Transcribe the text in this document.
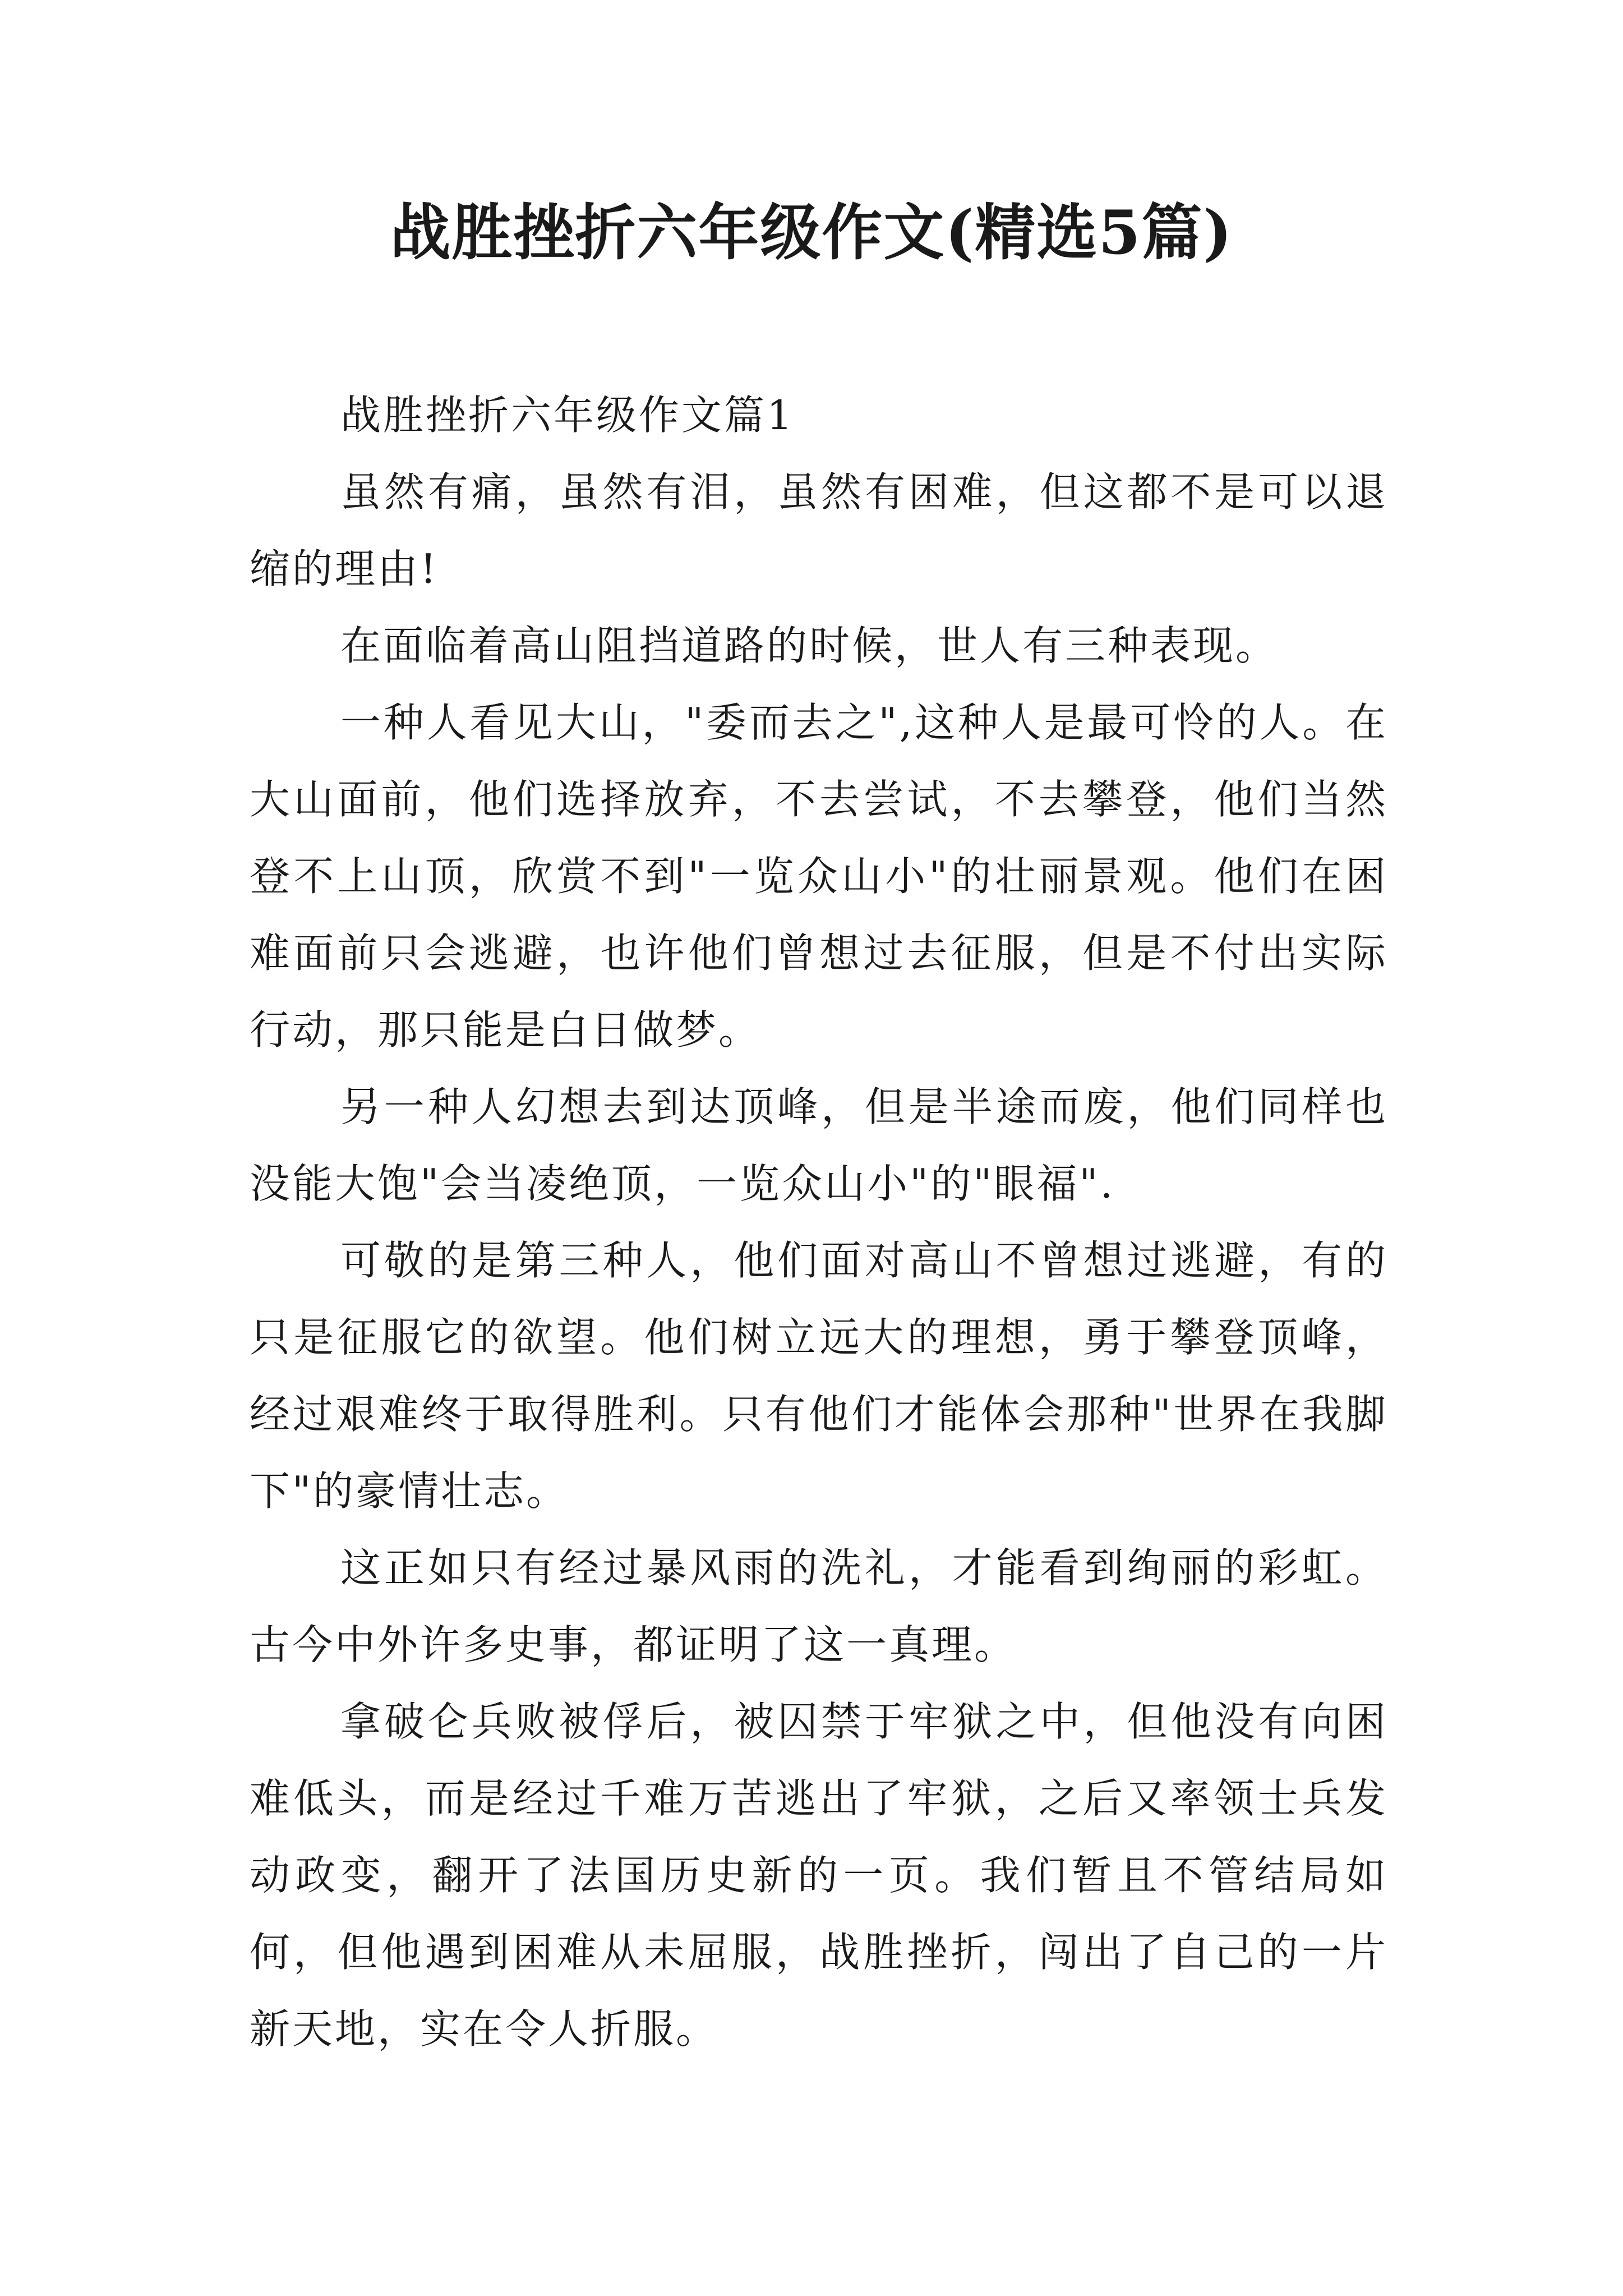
战胜挫折六年级作文(精选5篇)

战胜挫折六年级作文篇1

虽然有痛，虽然有泪，虽然有困难，但这都不是可以退缩的理由!

在面临着高山阻挡道路的时候，世人有三种表现。

一种人看见大山，"委而去之",这种人是最可怜的人。在大山面前，他们选择放弃，不去尝试，不去攀登，他们当然登不上山顶，欣赏不到"一览众山小"的壮丽景观。他们在困难面前只会逃避，也许他们曾想过去征服，但是不付出实际行动，那只能是白日做梦。

另一种人幻想去到达顶峰，但是半途而废，他们同样也没能大饱"会当凌绝顶，一览众山小"的"眼福".

可敬的是第三种人，他们面对高山不曾想过逃避，有的只是征服它的欲望。他们树立远大的理想，勇于攀登顶峰，经过艰难终于取得胜利。只有他们才能体会那种"世界在我脚下"的豪情壮志。

这正如只有经过暴风雨的洗礼，才能看到绚丽的彩虹。古今中外许多史事，都证明了这一真理。

拿破仑兵败被俘后，被囚禁于牢狱之中，但他没有向困难低头，而是经过千难万苦逃出了牢狱，之后又率领士兵发动政变，翻开了法国历史新的一页。我们暂且不管结局如何，但他遇到困难从未屈服，战胜挫折，闯出了自己的一片新天地，实在令人折服。
